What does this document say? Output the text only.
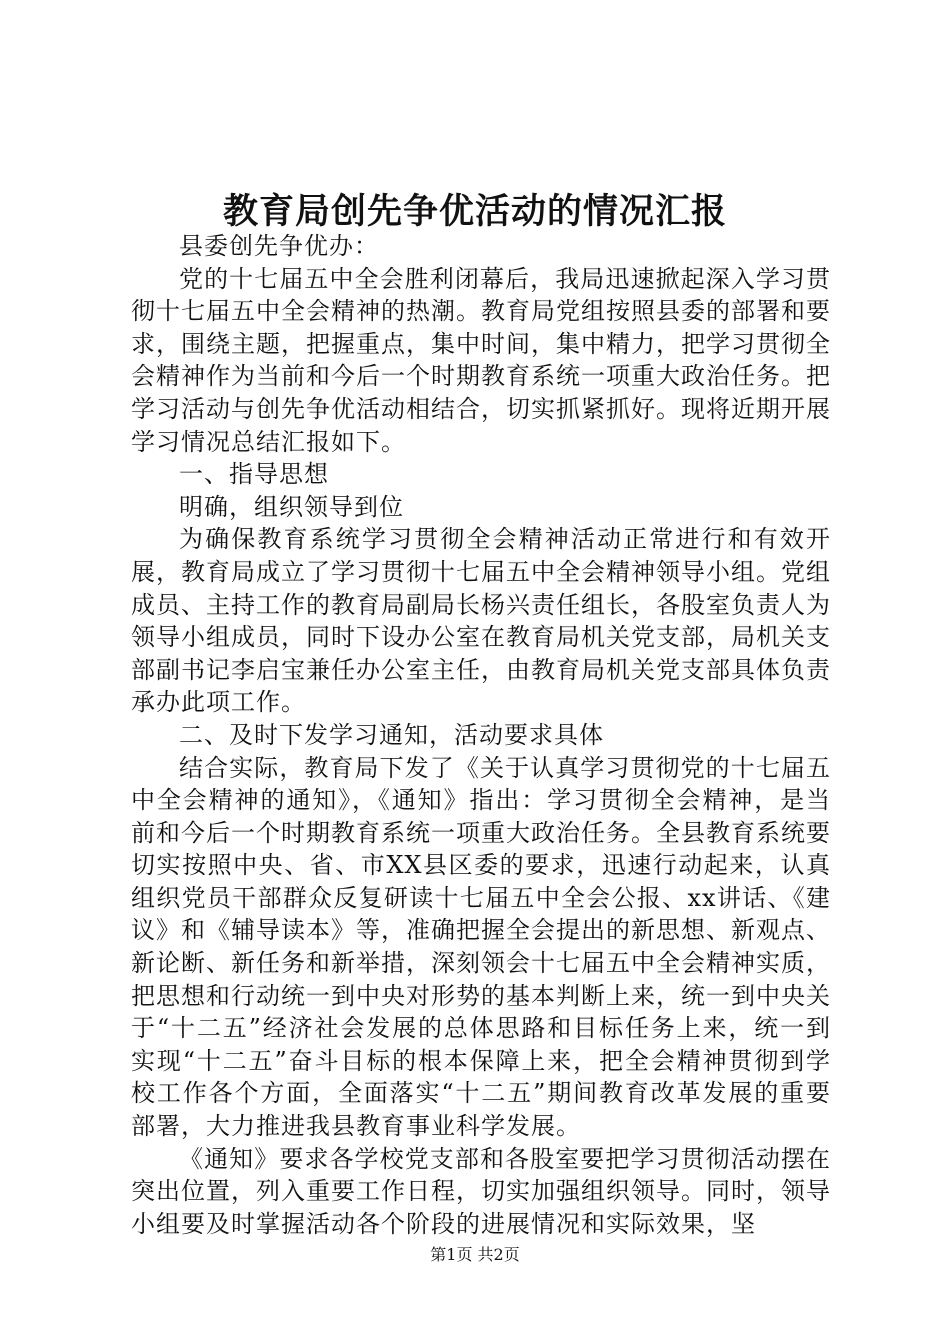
教育局创先争优活动的情况汇报

县委创先争优办：

党的十七届五中全会胜利闭幕后，我局迅速掀起深入学习贯彻十七届五中全会精神的热潮。教育局党组按照县委的部署和要求，围绕主题，把握重点，集中时间，集中精力，把学习贯彻全会精神作为当前和今后一个时期教育系统一项重大政治任务。把学习活动与创先争优活动相结合，切实抓紧抓好。现将近期开展学习情况总结汇报如下。

一、指导思想

明确，组织领导到位

为确保教育系统学习贯彻全会精神活动正常进行和有效开展，教育局成立了学习贯彻十七届五中全会精神领导小组。党组成员、主持工作的教育局副局长杨兴责任组长，各股室负责人为领导小组成员，同时下设办公室在教育局机关党支部，局机关支部副书记李启宝兼任办公室主任，由教育局机关党支部具体负责承办此项工作。

二、及时下发学习通知，活动要求具体

结合实际，教育局下发了《关于认真学习贯彻党的十七届五中全会精神的通知》，《通知》指出：学习贯彻全会精神，是当前和今后一个时期教育系统一项重大政治任务。全县教育系统要切实按照中央、省、市XX县区委的要求，迅速行动起来，认真组织党员干部群众反复研读十七届五中全会公报、xx讲话、《建议》和《辅导读本》等，准确把握全会提出的新思想、新观点、新论断、新任务和新举措，深刻领会十七届五中全会精神实质，把思想和行动统一到中央对形势的基本判断上来，统一到中央关于“十二五”经济社会发展的总体思路和目标任务上来，统一到实现“十二五”奋斗目标的根本保障上来，把全会精神贯彻到学校工作各个方面，全面落实“十二五”期间教育改革发展的重要部署，大力推进我县教育事业科学发展。

《通知》要求各学校党支部和各股室要把学习贯彻活动摆在突出位置，列入重要工作日程，切实加强组织领导。同时，领导小组要及时掌握活动各个阶段的进展情况和实际效果，坚

第1页 共2页
